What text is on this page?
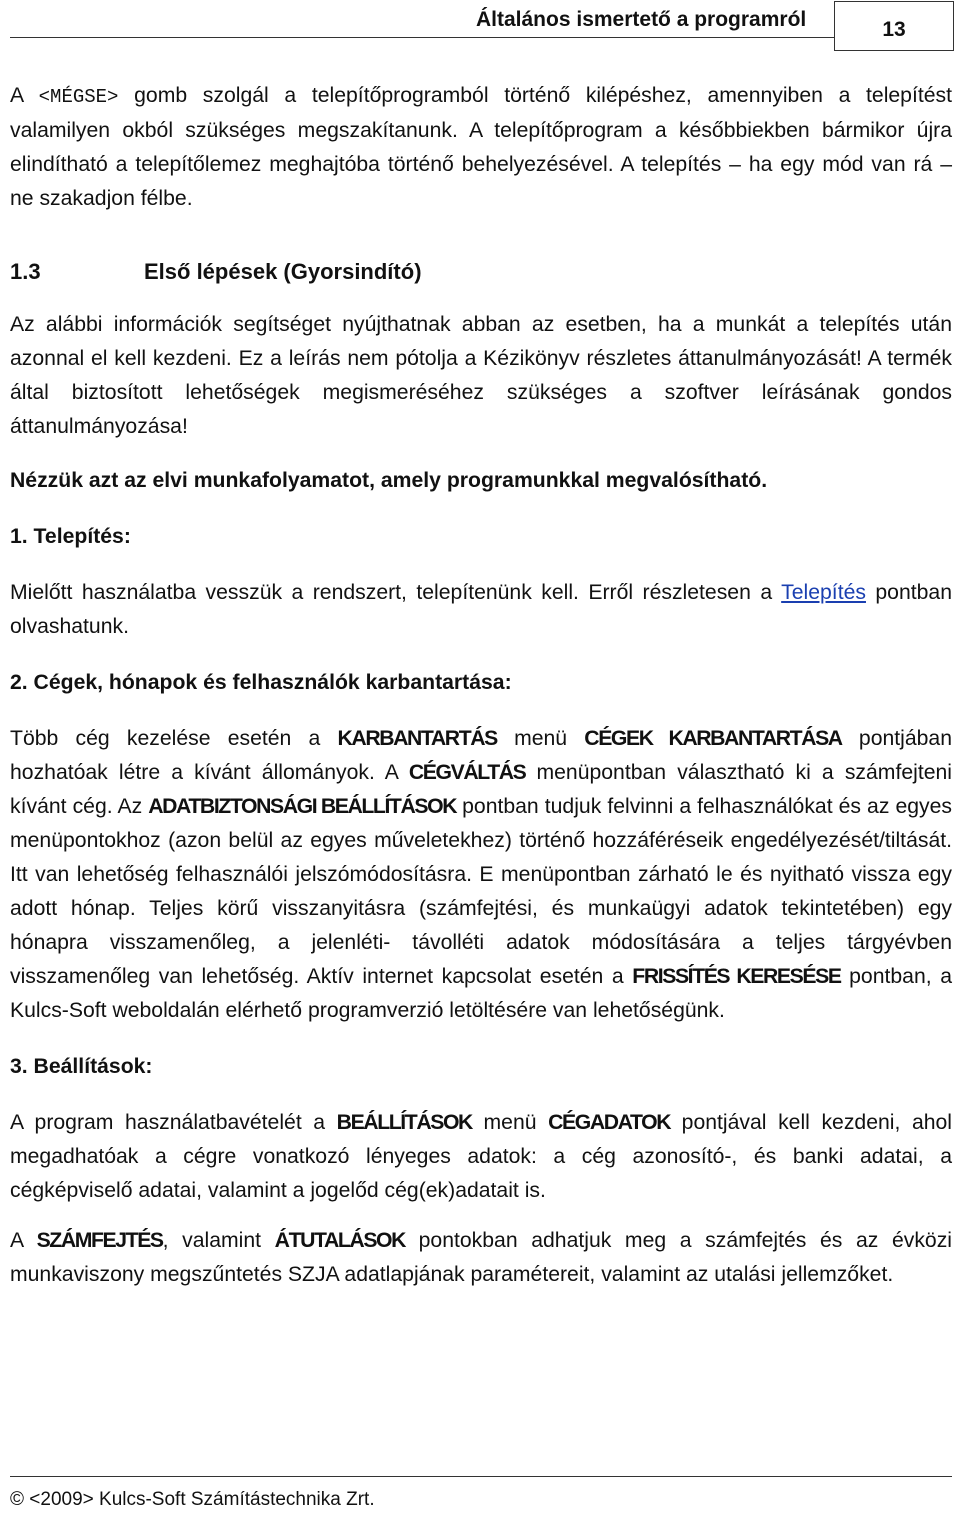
Általános ismertető a programról	13

A <MÉGSE> gomb szolgál a telepítőprogramból történő kilépéshez, amennyiben a telepítést valamilyen okból szükséges megszakítanunk. A telepítőprogram a későbbiekben bármikor újra elindítható a telepítőlemez meghajtóba történő behelyezésével. A telepítés – ha egy mód van rá – ne szakadjon félbe.

1.3	Első lépések (Gyorsindító)

Az alábbi információk segítséget nyújthatnak abban az esetben, ha a munkát a telepítés után azonnal el kell kezdeni. Ez a leírás nem pótolja a Kézikönyv részletes áttanulmányozását! A termék által biztosított lehetőségek megismeréséhez szükséges a szoftver leírásának gondos áttanulmányozása!

Nézzük azt az elvi munkafolyamatot, amely programunkkal megvalósítható.

1. Telepítés:

Mielőtt használatba vesszük a rendszert, telepítenünk kell. Erről részletesen a Telepítés pontban olvashatunk.

2. Cégek, hónapok és felhasználók karbantartása:

Több cég kezelése esetén a KARBANTARTÁS menü CÉGEK KARBANTARTÁSA pontjában hozhatóak létre a kívánt állományok. A CÉGVÁLTÁS menüpontban választható ki a számfejteni kívánt cég. Az ADATBIZTONSÁGI BEÁLLÍTÁSOK pontban tudjuk felvinni a felhasználókat és az egyes menüpontokhoz (azon belül az egyes műveletekhez) történő hozzáféréseik engedélyezését/tiltását. Itt van lehetőség felhasználói jelszómódosításra. E menüpontban zárható le és nyitható vissza egy adott hónap. Teljes körű visszanyitásra (számfejtési, és munkaügyi adatok tekintetében) egy hónapra visszamenőleg, a jelenléti- távolléti adatok módosítására a teljes tárgyévben visszamenőleg van lehetőség. Aktív internet kapcsolat esetén a FRISSÍTÉS KERESÉSE pontban, a Kulcs-Soft weboldalán elérhető programverzió letöltésére van lehetőségünk.

3. Beállítások:

A program használatbavételét a BEÁLLÍTÁSOK menü CÉGADATOK pontjával kell kezdeni, ahol megadhatóak a cégre vonatkozó lényeges adatok: a cég azonosító-, és banki adatai, a cégképviselő adatai, valamint a jogelőd cég(ek)adatait is.

A SZÁMFEJTÉS, valamint ÁTUTALÁSOK pontokban adhatjuk meg a számfejtés és az évközi munkaviszony megszűntetés SZJA adatlapjának paramétereit, valamint az utalási jellemzőket.

© <2009> Kulcs-Soft Számítástechnika Zrt.
